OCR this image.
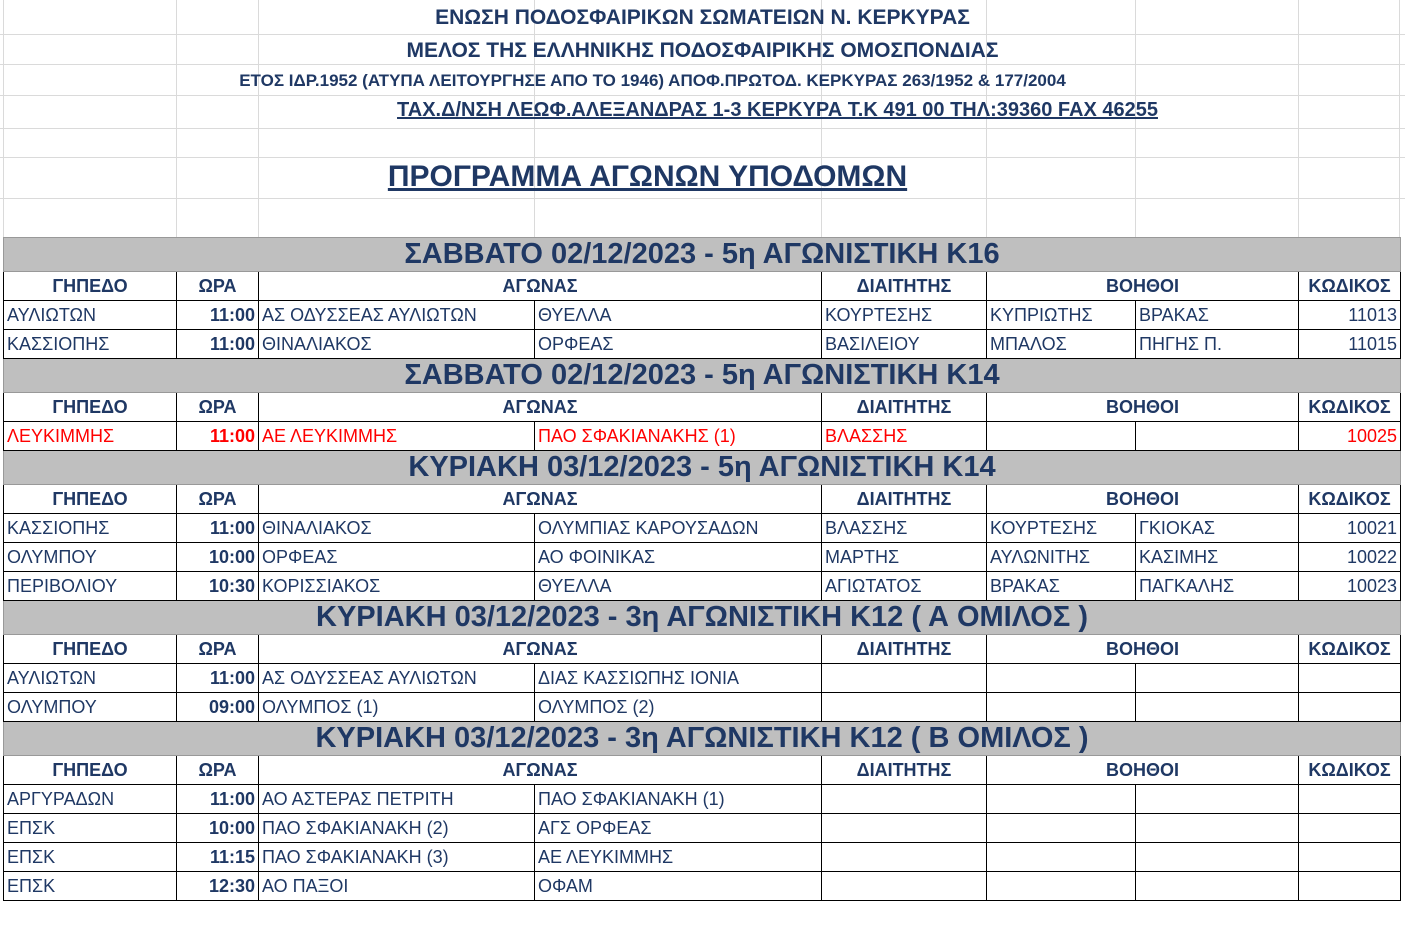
ΕΝΩΣΗ ΠΟΔΟΣΦΑΙΡΙΚΩΝ ΣΩΜΑΤΕΙΩΝ Ν. ΚΕΡΚΥΡΑΣ
ΜΕΛΟΣ ΤΗΣ ΕΛΛΗΝΙΚΗΣ ΠΟΔΟΣΦΑΙΡΙΚΗΣ ΟΜΟΣΠΟΝΔΙΑΣ
ΕΤΟΣ ΙΔΡ.1952 (ΑΤΥΠΑ ΛΕΙΤΟΥΡΓΗΣΕ ΑΠΟ ΤΟ 1946) ΑΠΟΦ.ΠΡΩΤΟΔ. ΚΕΡΚΥΡΑΣ 263/1952 & 177/2004
ΤΑΧ.Δ/ΝΣΗ ΛΕΩΦ.ΑΛΕΞΑΝΔΡΑΣ 1-3 ΚΕΡΚΥΡΑ Τ.Κ 491 00 ΤΗΛ:39360 FAX 46255
ΠΡΟΓΡΑΜΜΑ ΑΓΩΝΩΝ ΥΠΟΔΟΜΩΝ
ΣΑΒΒΑΤΟ 02/12/2023 - 5η ΑΓΩΝΙΣΤΙΚΗ Κ16							
ΓΗΠΕΔΟ	ΩΡΑ	ΑΓΩΝΑΣ		ΔΙΑΙΤΗΤΗΣ	ΒΟΗΘΟΙ		ΚΩΔΙΚΟΣ
ΑΥΛΙΩΤΩΝ	11:00	ΑΣ ΟΔΥΣΣΕΑΣ ΑΥΛΙΩΤΩΝ	ΘΥΕΛΛΑ	ΚΟΥΡΤΕΣΗΣ	ΚΥΠΡΙΩΤΗΣ	ΒΡΑΚΑΣ	11013
ΚΑΣΣΙΟΠΗΣ	11:00	ΘΙΝΑΛΙΑΚΟΣ	ΟΡΦΕΑΣ	ΒΑΣΙΛΕΙΟΥ	ΜΠΑΛΟΣ	ΠΗΓΗΣ Π.	11015
ΣΑΒΒΑΤΟ 02/12/2023 - 5η ΑΓΩΝΙΣΤΙΚΗ Κ14							
ΓΗΠΕΔΟ	ΩΡΑ	ΑΓΩΝΑΣ		ΔΙΑΙΤΗΤΗΣ	ΒΟΗΘΟΙ		ΚΩΔΙΚΟΣ
ΛΕΥΚΙΜΜΗΣ	11:00	ΑΕ ΛΕΥΚΙΜΜΗΣ	ΠΑΟ ΣΦΑΚΙΑΝΑΚΗΣ (1)	ΒΛΑΣΣΗΣ			10025
ΚΥΡΙΑΚΗ 03/12/2023 - 5η ΑΓΩΝΙΣΤΙΚΗ Κ14							
ΓΗΠΕΔΟ	ΩΡΑ	ΑΓΩΝΑΣ		ΔΙΑΙΤΗΤΗΣ	ΒΟΗΘΟΙ		ΚΩΔΙΚΟΣ
ΚΑΣΣΙΟΠΗΣ	11:00	ΘΙΝΑΛΙΑΚΟΣ	ΟΛΥΜΠΙΑΣ ΚΑΡΟΥΣΑΔΩΝ	ΒΛΑΣΣΗΣ	ΚΟΥΡΤΕΣΗΣ	ΓΚΙΟΚΑΣ	10021
ΟΛΥΜΠΟΥ	10:00	ΟΡΦΕΑΣ	ΑΟ ΦΟΙΝΙΚΑΣ	ΜΑΡΤΗΣ	ΑΥΛΩΝΙΤΗΣ	ΚΑΣΙΜΗΣ	10022
ΠΕΡΙΒΟΛΙΟΥ	10:30	ΚΟΡΙΣΣΙΑΚΟΣ	ΘΥΕΛΛΑ	ΑΓΙΩΤΑΤΟΣ	ΒΡΑΚΑΣ	ΠΑΓΚΑΛΗΣ	10023
ΚΥΡΙΑΚΗ 03/12/2023 - 3η ΑΓΩΝΙΣΤΙΚΗ Κ12 ( Α ΟΜΙΛΟΣ )							
ΓΗΠΕΔΟ	ΩΡΑ	ΑΓΩΝΑΣ		ΔΙΑΙΤΗΤΗΣ	ΒΟΗΘΟΙ		ΚΩΔΙΚΟΣ
ΑΥΛΙΩΤΩΝ	11:00	ΑΣ ΟΔΥΣΣΕΑΣ ΑΥΛΙΩΤΩΝ	ΔΙΑΣ ΚΑΣΣΙΩΠΗΣ ΙΟΝΙΑ				
ΟΛΥΜΠΟΥ	09:00	ΟΛΥΜΠΟΣ (1)	ΟΛΥΜΠΟΣ (2)				
ΚΥΡΙΑΚΗ 03/12/2023 - 3η ΑΓΩΝΙΣΤΙΚΗ Κ12 ( Β ΟΜΙΛΟΣ )							
ΓΗΠΕΔΟ	ΩΡΑ	ΑΓΩΝΑΣ		ΔΙΑΙΤΗΤΗΣ	ΒΟΗΘΟΙ		ΚΩΔΙΚΟΣ
ΑΡΓΥΡΑΔΩΝ	11:00	ΑΟ ΑΣΤΕΡΑΣ ΠΕΤΡΙΤΗ	ΠΑΟ ΣΦΑΚΙΑΝΑΚΗ (1)				
ΕΠΣΚ	10:00	ΠΑΟ ΣΦΑΚΙΑΝΑΚΗ (2)	ΑΓΣ ΟΡΦΕΑΣ				
ΕΠΣΚ	11:15	ΠΑΟ ΣΦΑΚΙΑΝΑΚΗ (3)	ΑΕ ΛΕΥΚΙΜΜΗΣ				
ΕΠΣΚ	12:30	ΑΟ ΠΑΞΟΙ	ΟΦΑΜ				
